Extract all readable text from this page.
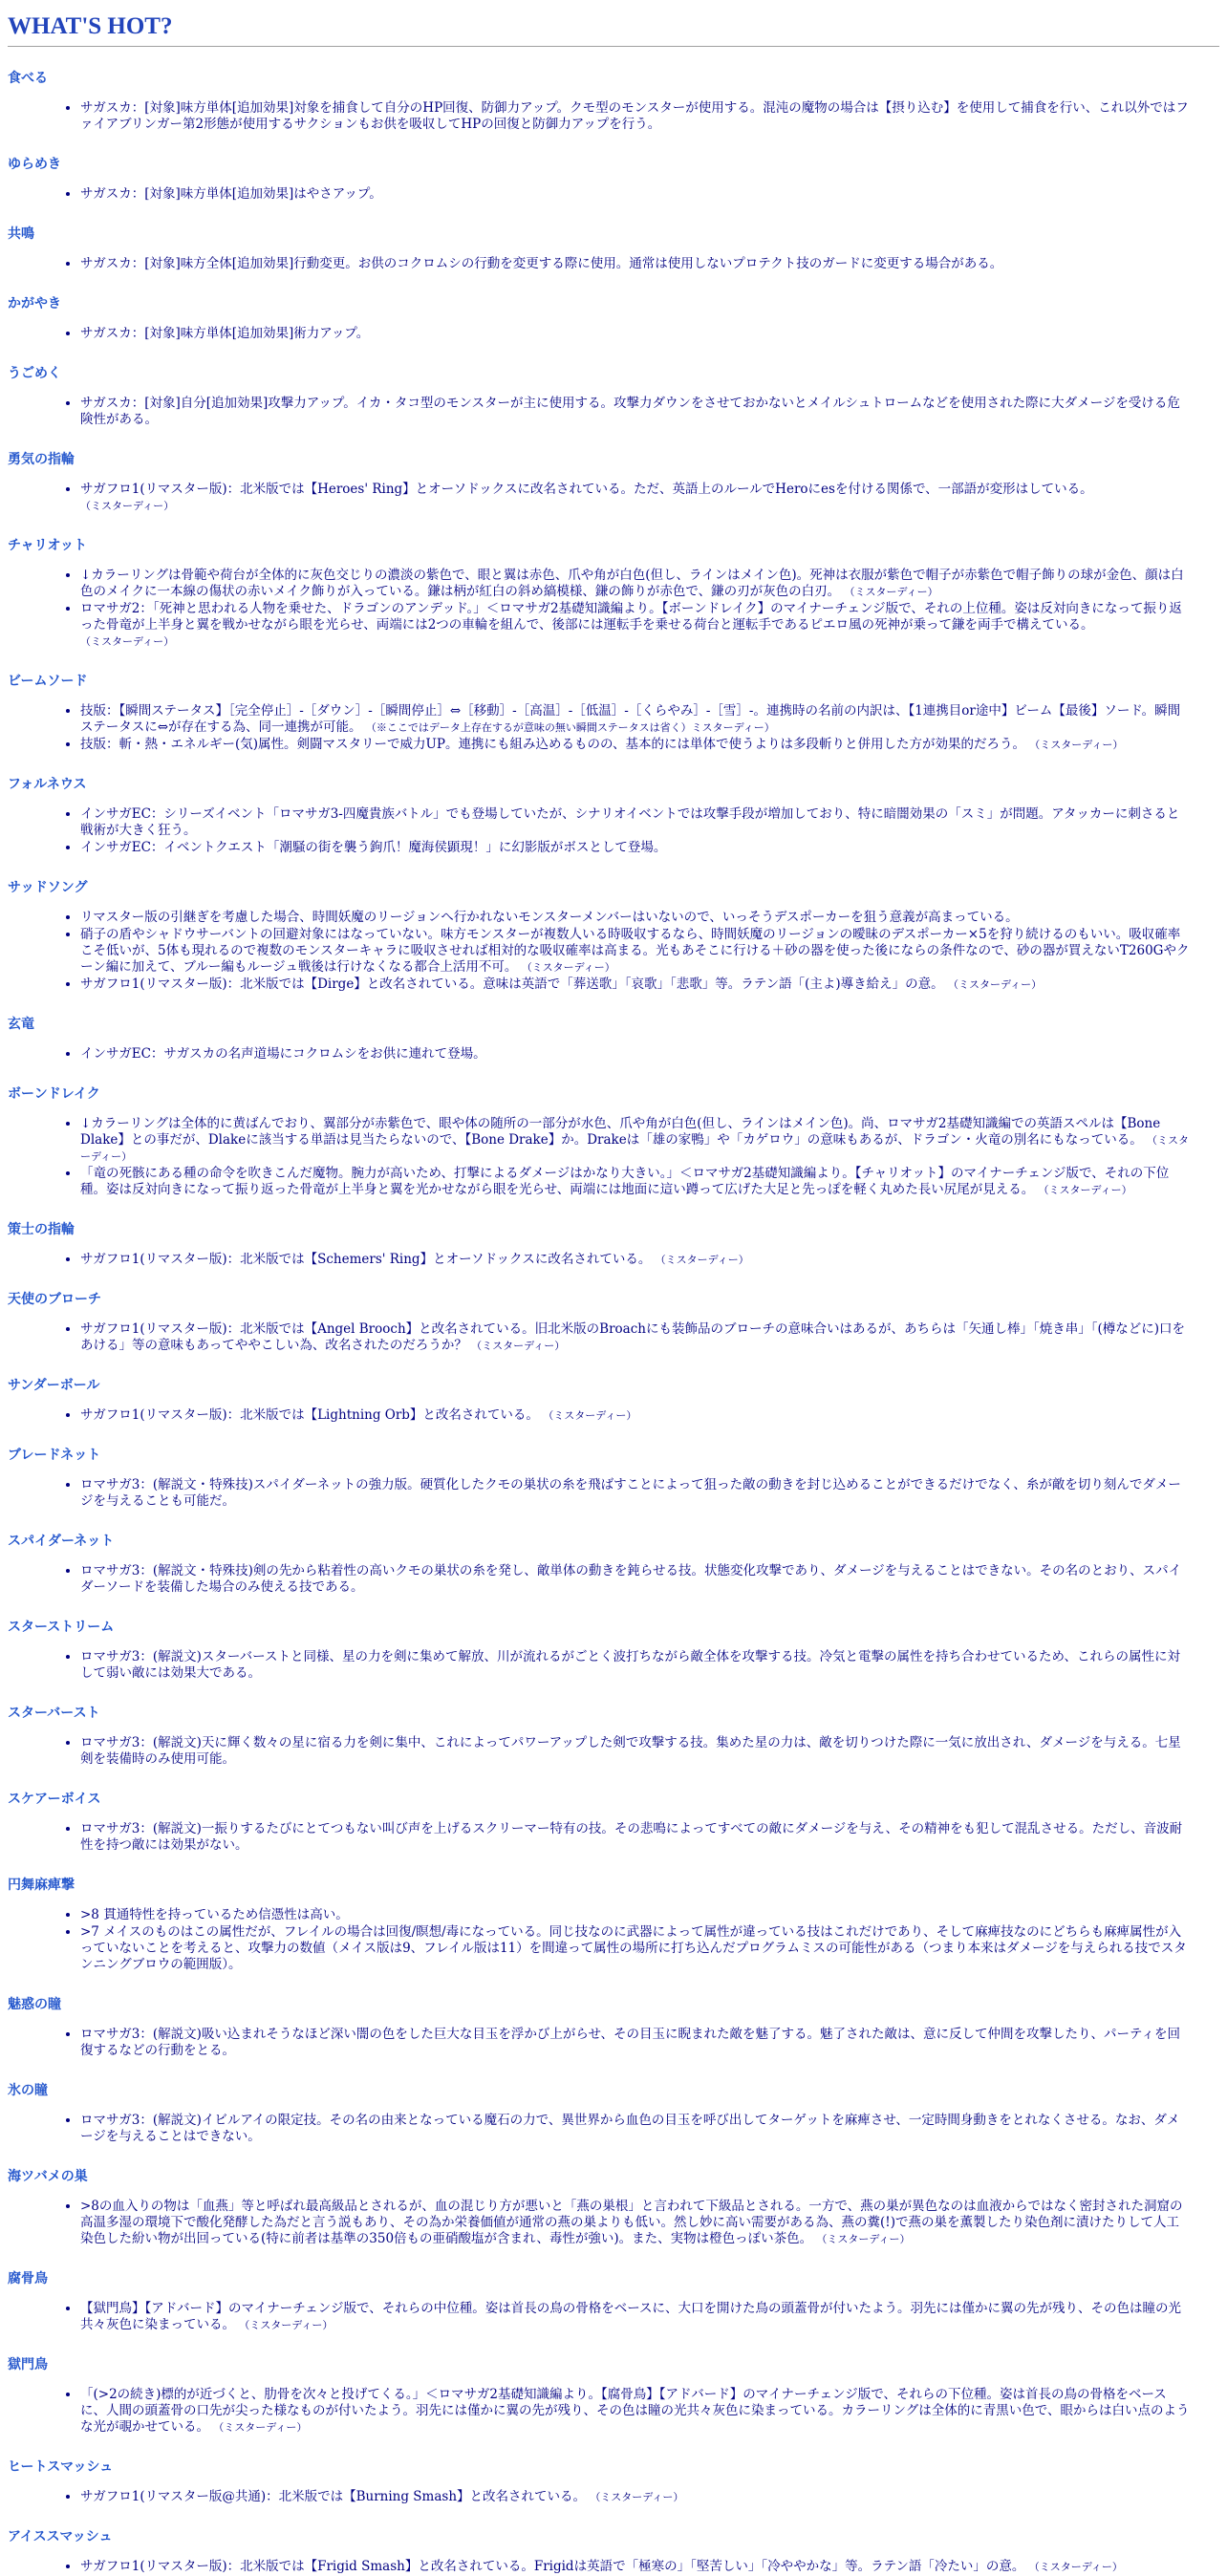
WHAT'S HOT?
食べる
• サガスカ：[対象]味方単体[追加効果]対象を捕食して自分のHP回復、防御力アップ。クモ型のモンスターが使用する。混沌の魔物の場合は【摂り込む】を使用して捕食を行い、これ以外ではファイアブリンガー第2形態が使用するサクションもお供を吸収してHPの回復と防御力アップを行う。
ゆらめき
• サガスカ：[対象]味方単体[追加効果]はやさアップ。
共鳴
• サガスカ：[対象]味方全体[追加効果]行動変更。お供のコクロムシの行動を変更する際に使用。通常は使用しないプロテクト技のガードに変更する場合がある。
かがやき
• サガスカ：[対象]味方単体[追加効果]術力アップ。
うごめく
• サガスカ：[対象]自分[追加効果]攻撃力アップ。イカ・タコ型のモンスターが主に使用する。攻撃力ダウンをさせておかないとメイルシュトロームなどを使用された際に大ダメージを受ける危険性がある。
勇気の指輪
• サガフロ1(リマスター版)：北米版では【Heroes' Ring】とオーソドックスに改名されている。ただ、英語上のルールでHeroにesを付ける関係で、一部語が変形はしている。 （ミスターディー）
チャリオット
• ↓カラーリングは骨範や荷台が全体的に灰色交じりの濃淡の紫色で、眼と翼は赤色、爪や角が白色(但し、ラインはメイン色)。死神は衣服が紫色で帽子が赤紫色で帽子飾りの球が金色、顔は白色のメイクに一本線の傷状の赤いメイク飾りが入っている。鎌は柄が紅白の斜め縞模様、鎌の飾りが赤色で、鎌の刃が灰色の白刃。 （ミスターディー）
• ロマサガ2：「死神と思われる人物を乗せた、ドラゴンのアンデッド。」＜ロマサガ2基礎知識編より。【ボーンドレイク】のマイナーチェンジ版で、それの上位種。姿は反対向きになって振り返った骨竜が上半身と翼を戦かせながら眼を光らせ、両端には2つの車輪を組んで、後部には運転手を乗せる荷台と運転手であるピエロ風の死神が乗って鎌を両手で構えている。 （ミスターディー）
ビームソード
• 技版：【瞬間ステータス】［完全停止］-［ダウン］-［瞬間停止］⇔［移動］-［高温］-［低温］-［くらやみ］-［雪］-。連携時の名前の内訳は、【1連携目or途中】ビーム【最後】ソード。瞬間ステータスに⇔が存在する為、同一連携が可能。 （※ここではデータ上存在するが意味の無い瞬間ステータスは省く）ミスターディー）
• 技版：斬・熱・エネルギー(気)属性。剣闘マスタリーで威力UP。連携にも組み込めるものの、基本的には単体で使うよりは多段斬りと併用した方が効果的だろう。 （ミスターディー）
フォルネウス
• インサガEC：シリーズイベント「ロマサガ3-四魔貴族バトル」でも登場していたが、シナリオイベントでは攻撃手段が増加しており、特に暗闇効果の「スミ」が問題。アタッカーに刺さると戦術が大きく狂う。
• インサガEC：イベントクエスト「潮騒の街を襲う鉤爪！魔海侯顕現！」に幻影版がボスとして登場。
サッドソング
• リマスター版の引継ぎを考慮した場合、時間妖魔のリージョンへ行かれないモンスターメンバーはいないので、いっそうデスポーカーを狙う意義が高まっている。
• 硝子の盾やシャドウサーバントの回避対象にはなっていない。味方モンスターが複数人いる時吸収するなら、時間妖魔のリージョンの曖昧のデスポーカー×5を狩り続けるのもいい。吸収確率こそ低いが、5体も現れるので複数のモンスターキャラに吸収させれば相対的な吸収確率は高まる。光もあそこに行ける＋砂の器を使った後にならの条件なので、砂の器が買えないT260Gやクーン編に加えて、ブルー編もルージュ戦後は行けなくなる都合上活用不可。 （ミスターディー）
• サガフロ1(リマスター版)：北米版では【Dirge】と改名されている。意味は英語で「葬送歌」「哀歌」「悲歌」等。ラテン語「(主よ)導き給え」の意。 （ミスターディー）
玄竜
• インサガEC：サガスカの名声道場にコクロムシをお供に連れて登場。
ボーンドレイク
• ↓カラーリングは全体的に黄ばんでおり、翼部分が赤紫色で、眼や体の随所の一部分が水色、爪や角が白色(但し、ラインはメイン色)。尚、ロマサガ2基礎知識編での英語スペルは【Bone Dlake】との事だが、Dlakeに該当する単語は見当たらないので、【Bone Drake】か。Drakeは「雄の家鴨」や「カゲロウ」の意味もあるが、ドラゴン・火竜の別名にもなっている。 （ミスターディー）
• 「竜の死骸にある種の命令を吹きこんだ魔物。腕力が高いため、打撃によるダメージはかなり大きい。」＜ロマサガ2基礎知識編より。【チャリオット】のマイナーチェンジ版で、それの下位種。姿は反対向きになって振り返った骨竜が上半身と翼を光かせながら眼を光らせ、両端には地面に這い蹲って広げた大足と先っぽを軽く丸めた長い尻尾が見える。 （ミスターディー）
策士の指輪
• サガフロ1(リマスター版)：北米版では【Schemers' Ring】とオーソドックスに改名されている。 （ミスターディー）
天使のブローチ
• サガフロ1(リマスター版)：北米版では【Angel Brooch】と改名されている。旧北米版のBroachにも装飾品のブローチの意味合いはあるが、あちらは「矢通し棒」「焼き串」「(樽などに)口をあける」等の意味もあってややこしい為、改名されたのだろうか？ （ミスターディー）
サンダーボール
• サガフロ1(リマスター版)：北米版では【Lightning Orb】と改名されている。 （ミスターディー）
ブレードネット
• ロマサガ3：(解説文・特殊技)スパイダーネットの強力版。硬質化したクモの巣状の糸を飛ばすことによって狙った敵の動きを封じ込めることができるだけでなく、糸が敵を切り刻んでダメージを与えることも可能だ。
スパイダーネット
• ロマサガ3：(解説文・特殊技)剣の先から粘着性の高いクモの巣状の糸を発し、敵単体の動きを鈍らせる技。状態変化攻撃であり、ダメージを与えることはできない。その名のとおり、スパイダーソードを装備した場合のみ使える技である。
スターストリーム
• ロマサガ3：(解説文)スターバーストと同様、星の力を剣に集めて解放、川が流れるがごとく波打ちながら敵全体を攻撃する技。冷気と電撃の属性を持ち合わせているため、これらの属性に対して弱い敵には効果大である。
スターバースト
• ロマサガ3：(解説文)天に輝く数々の星に宿る力を剣に集中、これによってパワーアップした剣で攻撃する技。集めた星の力は、敵を切りつけた際に一気に放出され、ダメージを与える。七星剣を装備時のみ使用可能。
スケアーボイス
• ロマサガ3：(解説文)一振りするたびにとてつもない叫び声を上げるスクリーマー特有の技。その悲鳴によってすべての敵にダメージを与え、その精神をも犯して混乱させる。ただし、音波耐性を持つ敵には効果がない。
円舞麻痺撃
• >8 貫通特性を持っているため信憑性は高い。
• >7 メイスのものはこの属性だが、フレイルの場合は回復/瞑想/毒になっている。同じ技なのに武器によって属性が違っている技はこれだけであり、そして麻痺技なのにどちらも麻痺属性が入っていないことを考えると、攻撃力の数値（メイス版は9、フレイル版は11）を間違って属性の場所に打ち込んだプログラムミスの可能性がある（つまり本来はダメージを与えられる技でスタンニングブロウの範囲版）。
魅惑の瞳
• ロマサガ3：(解説文)吸い込まれそうなほど深い闇の色をした巨大な目玉を浮かび上がらせ、その目玉に睨まれた敵を魅了する。魅了された敵は、意に反して仲間を攻撃したり、パーティを回復するなどの行動をとる。
氷の瞳
• ロマサガ3：(解説文)イビルアイの限定技。その名の由来となっている魔石の力で、異世界から血色の目玉を呼び出してターゲットを麻痺させ、一定時間身動きをとれなくさせる。なお、ダメージを与えることはできない。
海ツバメの巣
• >8の血入りの物は「血燕」等と呼ばれ最高級品とされるが、血の混じり方が悪いと「燕の巣根」と言われて下級品とされる。一方で、燕の巣が異色なのは血液からではなく密封された洞窟の高温多湿の環境下で酸化発酵した為だと言う説もあり、その為か栄養価値が通常の燕の巣よりも低い。然し妙に高い需要がある為、燕の糞(!)で燕の巣を薫製したり染色剤に漬けたりして人工染色した紛い物が出回っている(特に前者は基準の350倍もの亜硝酸塩が含まれ、毒性が強い)。また、実物は橙色っぽい茶色。 （ミスターディー）
腐骨鳥
• 【獄門鳥】【アドバード】のマイナーチェンジ版で、それらの中位種。姿は首長の鳥の骨格をベースに、大口を開けた鳥の頭蓋骨が付いたよう。羽先には僅かに翼の先が残り、その色は瞳の光共々灰色に染まっている。 （ミスターディー）
獄門鳥
• 「(>2の続き)標的が近づくと、肋骨を次々と投げてくる。」＜ロマサガ2基礎知識編より。【腐骨鳥】【アドバード】のマイナーチェンジ版で、それらの下位種。姿は首長の鳥の骨格をベースに、人間の頭蓋骨の口先が尖った様なものが付いたよう。羽先には僅かに翼の先が残り、その色は瞳の光共々灰色に染まっている。カラーリングは全体的に青黒い色で、眼からは白い点のような光が覗かせている。 （ミスターディー）
ヒートスマッシュ
• サガフロ1(リマスター版@共通)：北米版では【Burning Smash】と改名されている。 （ミスターディー）
アイススマッシュ
• サガフロ1(リマスター版)：北米版では【Frigid Smash】と改名されている。Frigidは英語で「極寒の」「堅苦しい」「冷ややかな」等。ラテン語「冷たい」の意。 （ミスターディー）
